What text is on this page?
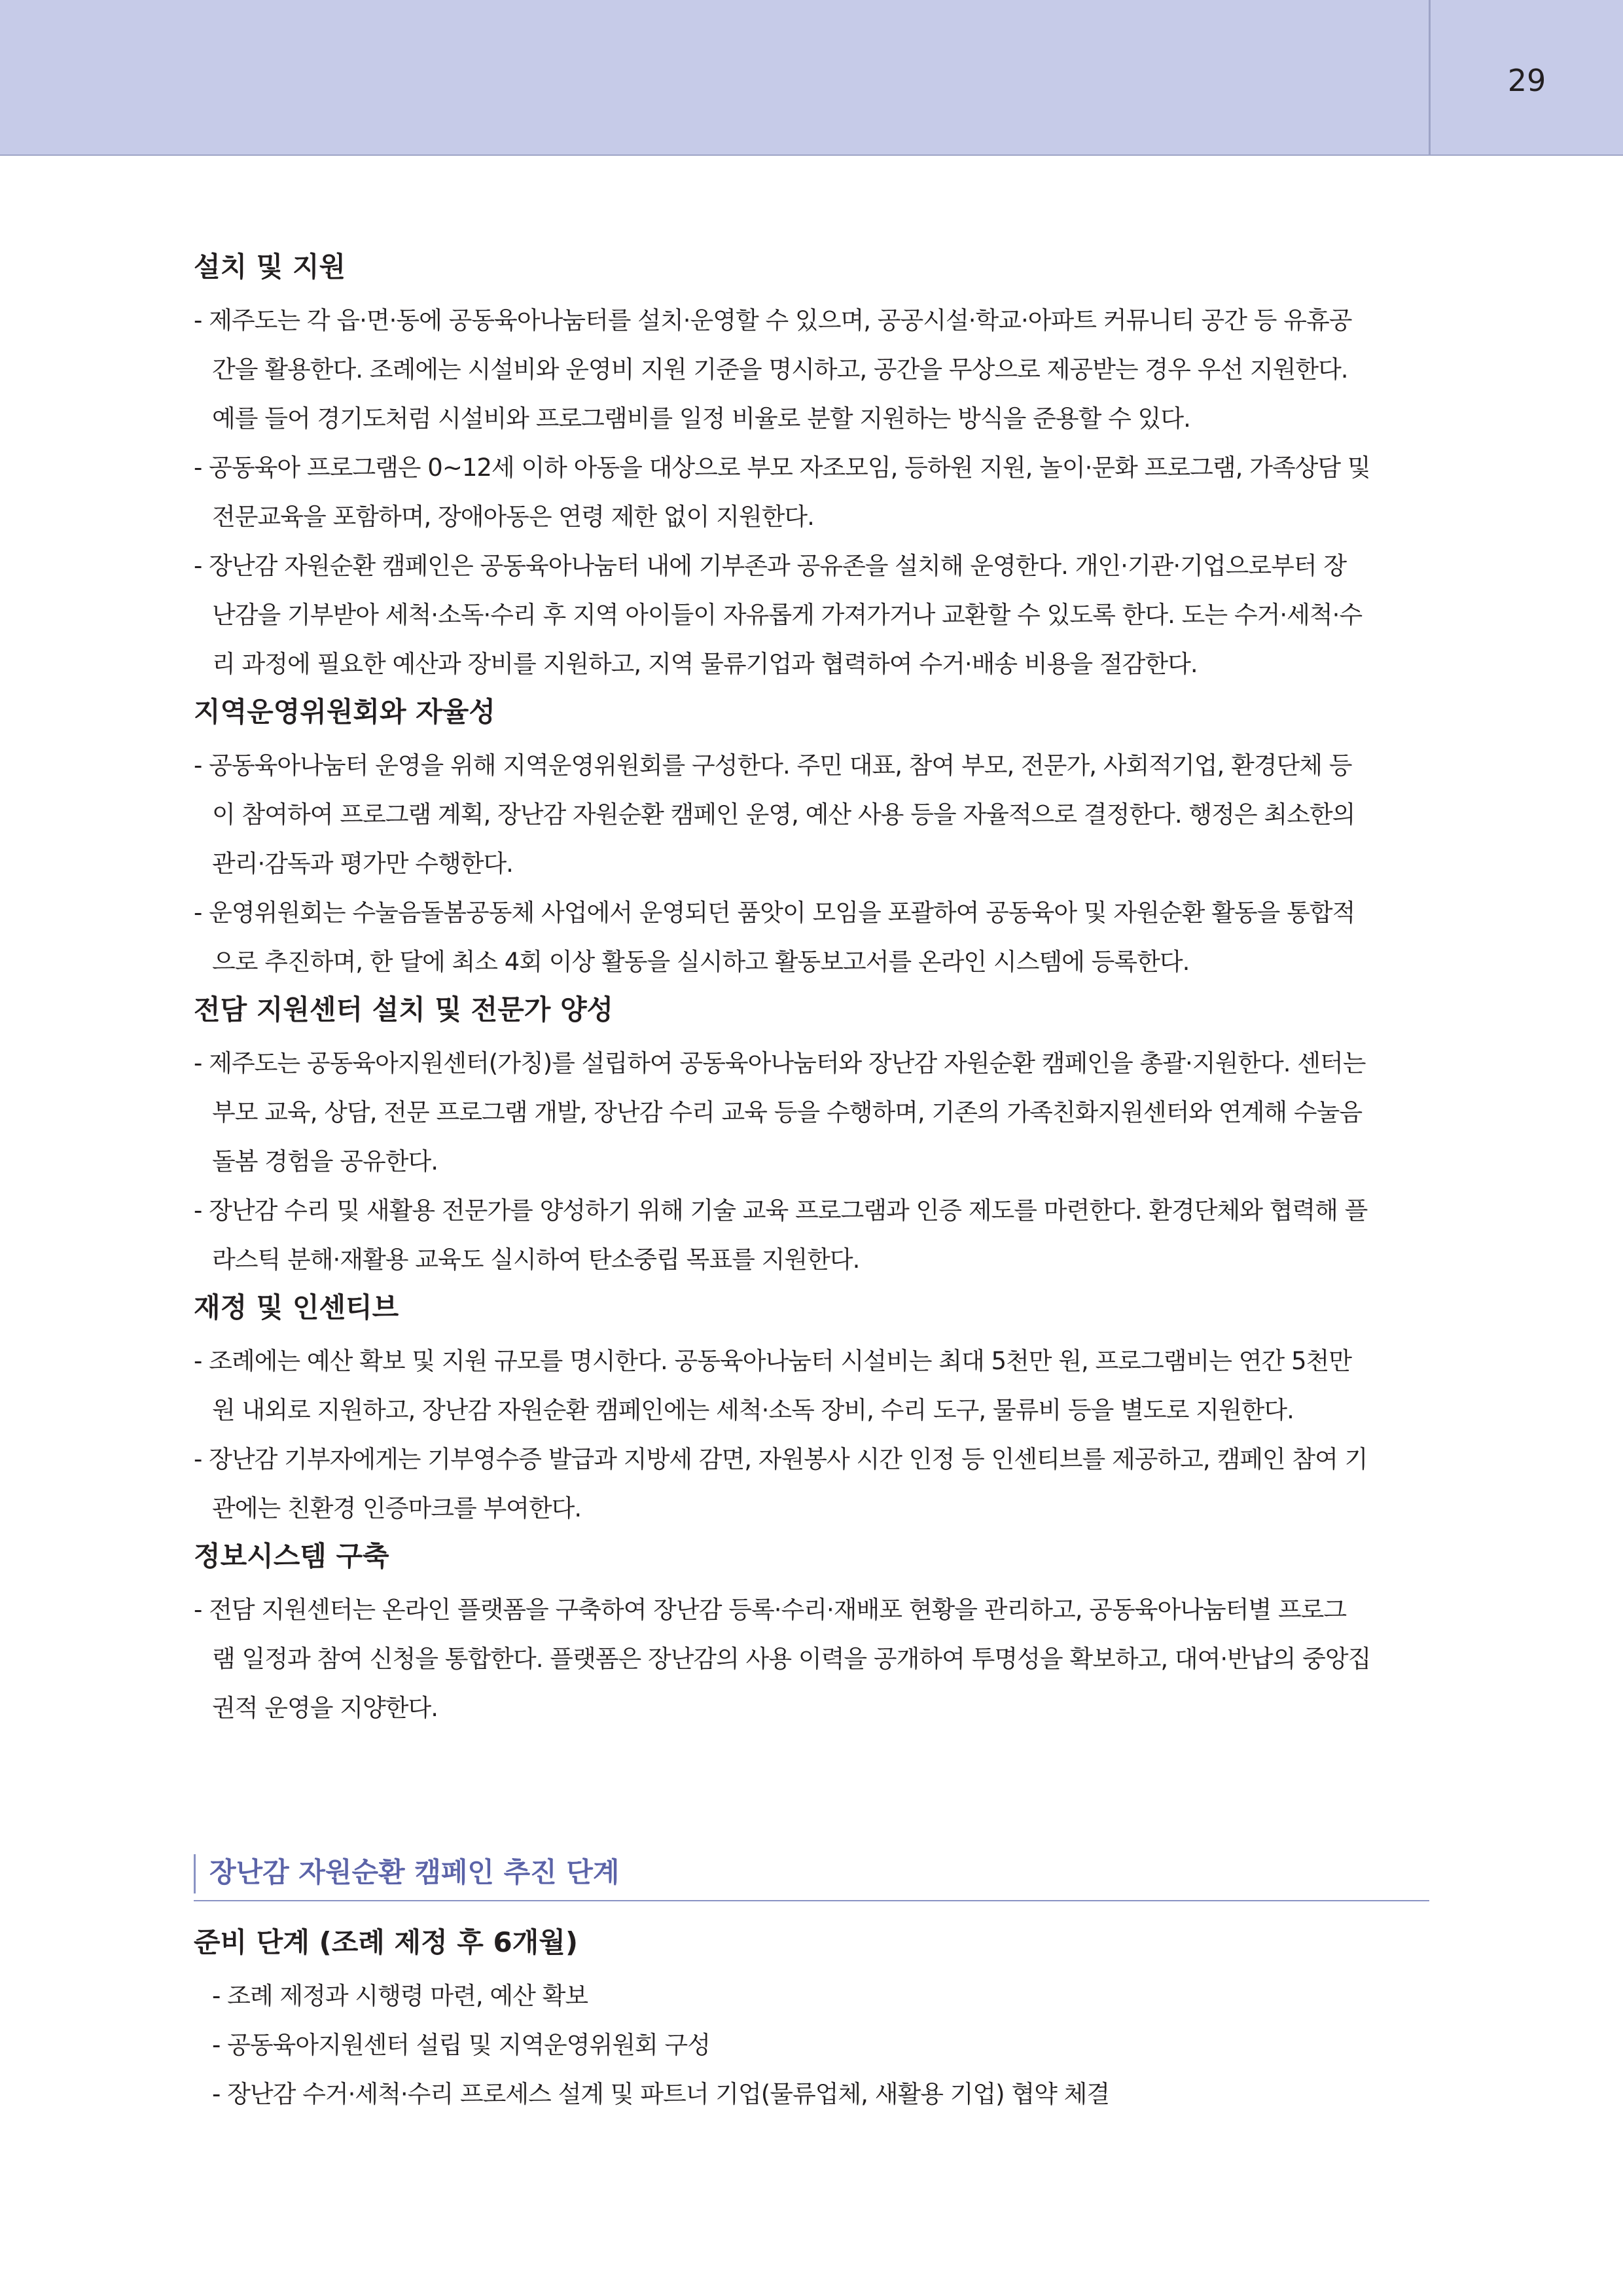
29
설치 및 지원
- 제주도는 각 읍·면·동에 공동육아나눔터를 설치·운영할 수 있으며, 공공시설·학교·아파트 커뮤니티 공간 등 유휴공
간을 활용한다. 조례에는 시설비와 운영비 지원 기준을 명시하고, 공간을 무상으로 제공받는 경우 우선 지원한다.
예를 들어 경기도처럼 시설비와 프로그램비를 일정 비율로 분할 지원하는 방식을 준용할 수 있다.
- 공동육아 프로그램은 0~12세 이하 아동을 대상으로 부모 자조모임, 등하원 지원, 놀이·문화 프로그램, 가족상담 및
전문교육을 포함하며, 장애아동은 연령 제한 없이 지원한다.
- 장난감 자원순환 캠페인은 공동육아나눔터 내에 기부존과 공유존을 설치해 운영한다. 개인·기관·기업으로부터 장
난감을 기부받아 세척·소독·수리 후 지역 아이들이 자유롭게 가져가거나 교환할 수 있도록 한다. 도는 수거·세척·수
리 과정에 필요한 예산과 장비를 지원하고, 지역 물류기업과 협력하여 수거·배송 비용을 절감한다.
지역운영위원회와 자율성
- 공동육아나눔터 운영을 위해 지역운영위원회를 구성한다. 주민 대표, 참여 부모, 전문가, 사회적기업, 환경단체 등
이 참여하여 프로그램 계획, 장난감 자원순환 캠페인 운영, 예산 사용 등을 자율적으로 결정한다. 행정은 최소한의
관리·감독과 평가만 수행한다.
- 운영위원회는 수눌음돌봄공동체 사업에서 운영되던 품앗이 모임을 포괄하여 공동육아 및 자원순환 활동을 통합적
으로 추진하며, 한 달에 최소 4회 이상 활동을 실시하고 활동보고서를 온라인 시스템에 등록한다.
전담 지원센터 설치 및 전문가 양성
- 제주도는 공동육아지원센터(가칭)를 설립하여 공동육아나눔터와 장난감 자원순환 캠페인을 총괄·지원한다. 센터는
부모 교육, 상담, 전문 프로그램 개발, 장난감 수리 교육 등을 수행하며, 기존의 가족친화지원센터와 연계해 수눌음
돌봄 경험을 공유한다.
- 장난감 수리 및 새활용 전문가를 양성하기 위해 기술 교육 프로그램과 인증 제도를 마련한다. 환경단체와 협력해 플
라스틱 분해·재활용 교육도 실시하여 탄소중립 목표를 지원한다.
재정 및 인센티브
- 조례에는 예산 확보 및 지원 규모를 명시한다. 공동육아나눔터 시설비는 최대 5천만 원, 프로그램비는 연간 5천만
원 내외로 지원하고, 장난감 자원순환 캠페인에는 세척·소독 장비, 수리 도구, 물류비 등을 별도로 지원한다.
- 장난감 기부자에게는 기부영수증 발급과 지방세 감면, 자원봉사 시간 인정 등 인센티브를 제공하고, 캠페인 참여 기
관에는 친환경 인증마크를 부여한다.
정보시스템 구축
- 전담 지원센터는 온라인 플랫폼을 구축하여 장난감 등록·수리·재배포 현황을 관리하고, 공동육아나눔터별 프로그
램 일정과 참여 신청을 통합한다. 플랫폼은 장난감의 사용 이력을 공개하여 투명성을 확보하고, 대여·반납의 중앙집
권적 운영을 지양한다.
장난감 자원순환 캠페인 추진 단계
준비 단계 (조례 제정 후 6개월)
- 조례 제정과 시행령 마련, 예산 확보
- 공동육아지원센터 설립 및 지역운영위원회 구성
- 장난감 수거·세척·수리 프로세스 설계 및 파트너 기업(물류업체, 새활용 기업) 협약 체결
